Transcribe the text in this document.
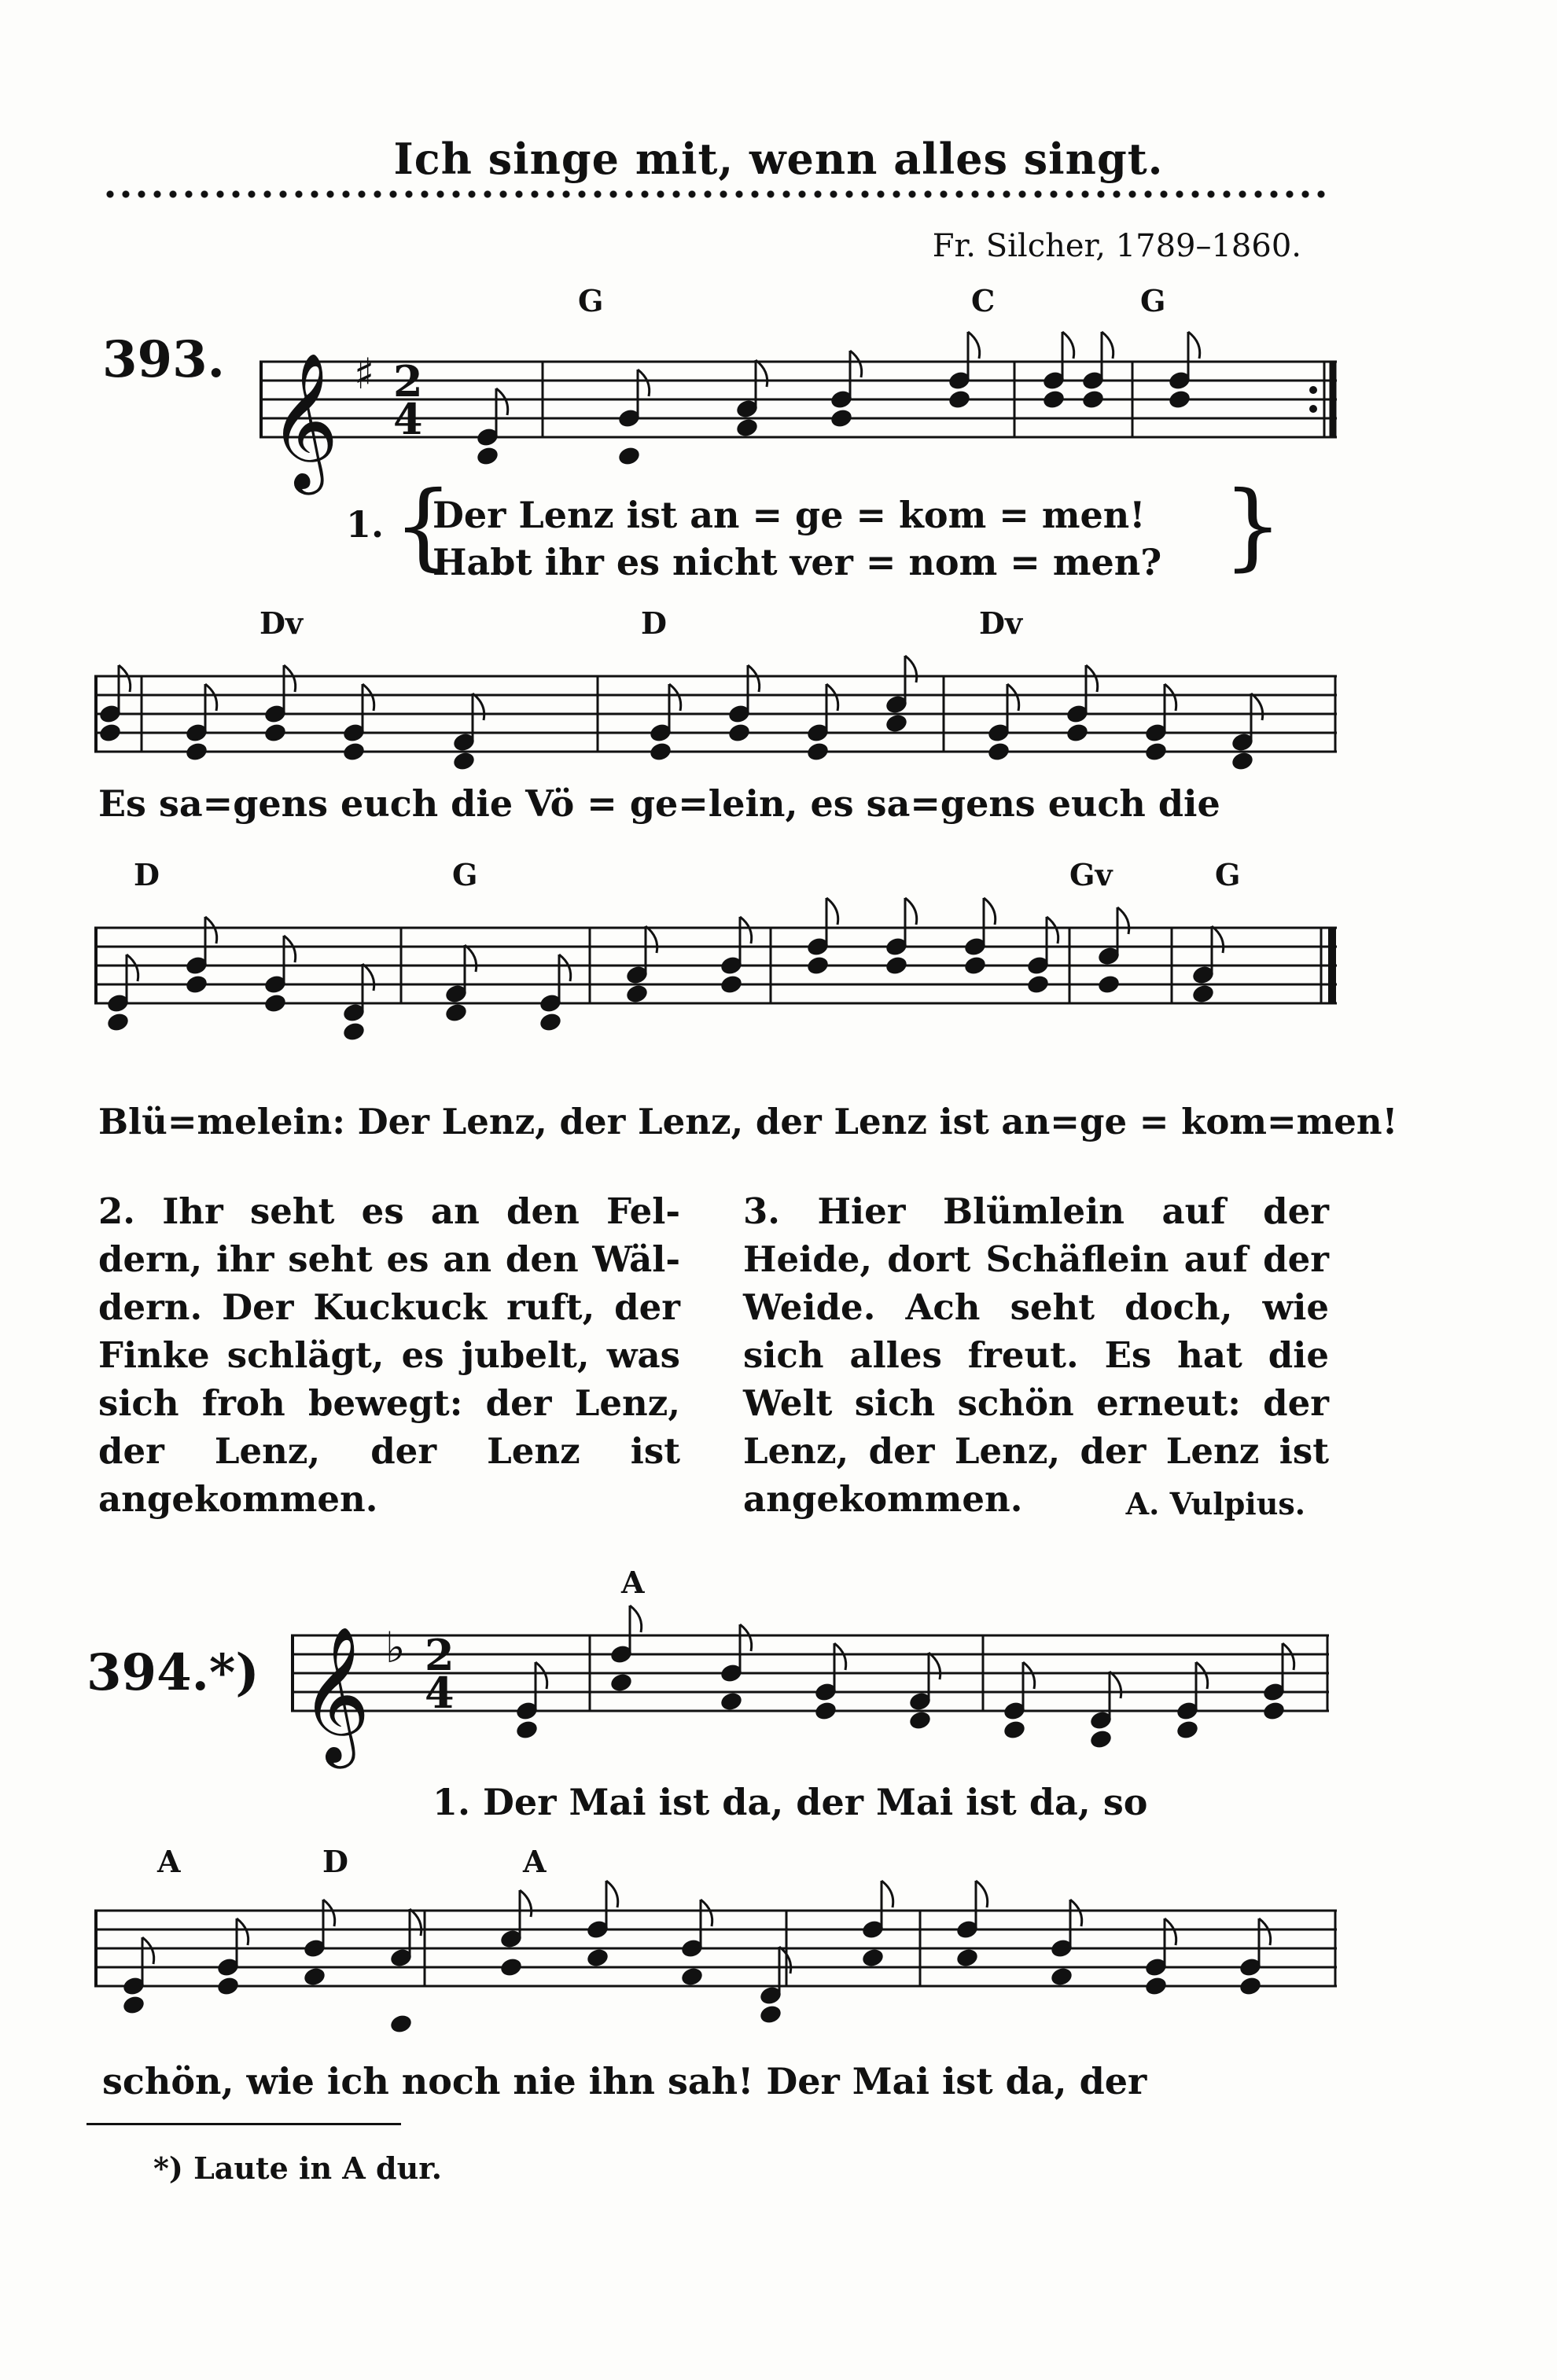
Ich singe mit, wenn alles singt.
Fr. Silcher, 1789–1860.
393.
G	C	G
𝄞 ♯ 2
4
1. {
Der Lenz ist an = ge = kom = men!
Habt ihr es nicht ver = nom = men? }
Dv	D	Dv
Es sa=gens euch die Vö = ge=lein, es sa=gens euch die
D	G	Gv	G
Blü=melein: Der Lenz, der Lenz, der Lenz ist an=ge = kom=men!
2. Ihr seht es an den Fel- dern, ihr seht es an den Wäl- dern. Der Kuckuck ruft, der Finke schlägt, es jubelt, was sich froh bewegt: der Lenz, der Lenz, der Lenz ist angekommen.
3. Hier Blümlein auf der Heide, dort Schäflein auf der Weide. Ach seht doch, wie sich alles freut. Es hat die Welt sich schön erneut: der Lenz, der Lenz, der Lenz ist angekommen.	A. Vulpius.
394.*)
A
𝄞 ♭ 2
4
1. Der Mai ist da, der Mai ist da, so
A	D	A
schön, wie ich noch nie ihn sah! Der Mai ist da, der
*) Laute in A dur.
